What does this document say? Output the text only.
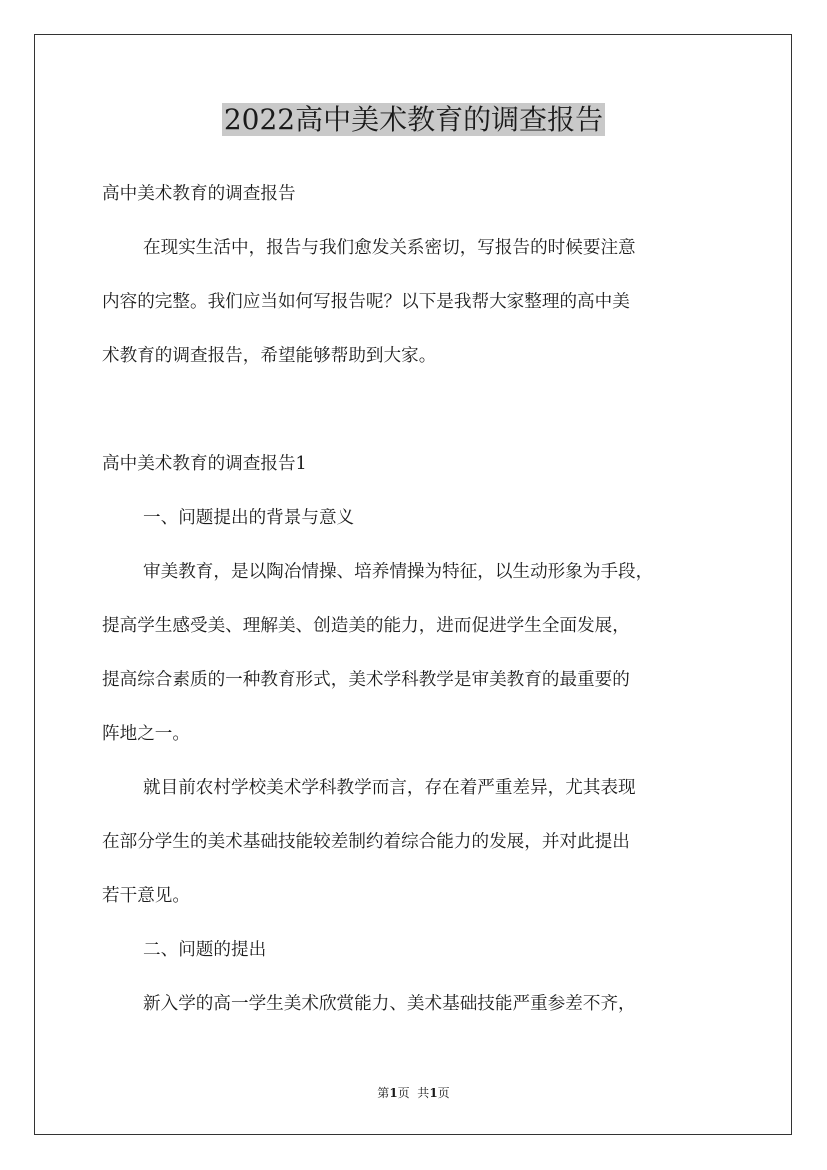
2022高中美术教育的调查报告
高中美术教育的调查报告
在现实生活中，报告与我们愈发关系密切，写报告的时候要注意
内容的完整。我们应当如何写报告呢？以下是我帮大家整理的高中美
术教育的调查报告，希望能够帮助到大家。
高中美术教育的调查报告1
一、问题提出的背景与意义
审美教育，是以陶冶情操、培养情操为特征，以生动形象为手段，
提高学生感受美、理解美、创造美的能力，进而促进学生全面发展，
提高综合素质的一种教育形式，美术学科教学是审美教育的最重要的
阵地之一。
就目前农村学校美术学科教学而言，存在着严重差异，尤其表现
在部分学生的美术基础技能较差制约着综合能力的发展，并对此提出
若干意见。
二、问题的提出
新入学的高一学生美术欣赏能力、美术基础技能严重参差不齐，
第1页  共1页
